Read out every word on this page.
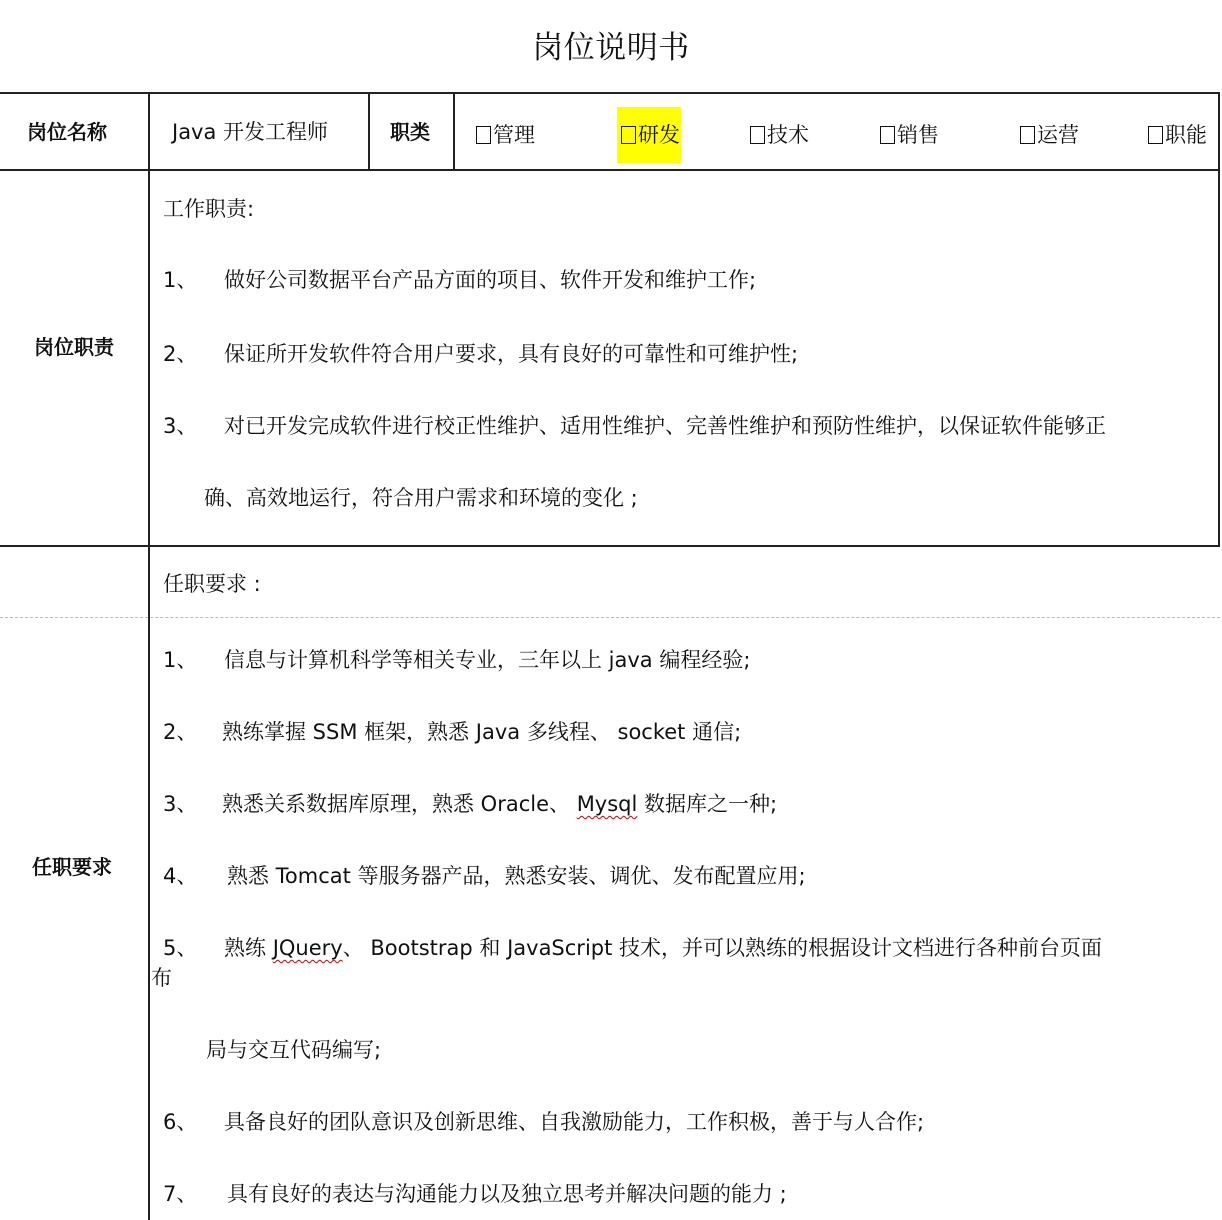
岗位说明书
岗位名称	Java 开发工程师	职类	管理	研发	技术	销售	运营	职能
岗位职责
工作职责:
1、 做好公司数据平台产品方面的项目、软件开发和维护工作;
2、 保证所开发软件符合用户要求，具有良好的可靠性和可维护性;
3、 对已开发完成软件进行校正性维护、适用性维护、完善性维护和预防性维护，以保证软件能够正
确、高效地运行，符合用户需求和环境的变化 ;
任职要求 :
任职要求
1、 信息与计算机科学等相关专业，三年以上 java 编程经验;
2、 熟练掌握 SSM 框架，熟悉 Java 多线程、 socket 通信;
3、 熟悉关系数据库原理，熟悉 Oracle、 Mysql 数据库之一种;
4、 熟悉 Tomcat 等服务器产品，熟悉安装、调优、发布配置应用;
5、 熟练 JQuery、 Bootstrap 和 JavaScript 技术，并可以熟练的根据设计文档进行各种前台页面
布
局与交互代码编写;
6、 具备良好的团队意识及创新思维、自我激励能力，工作积极，善于与人合作;
7、 具有良好的表达与沟通能力以及独立思考并解决问题的能力 ;
